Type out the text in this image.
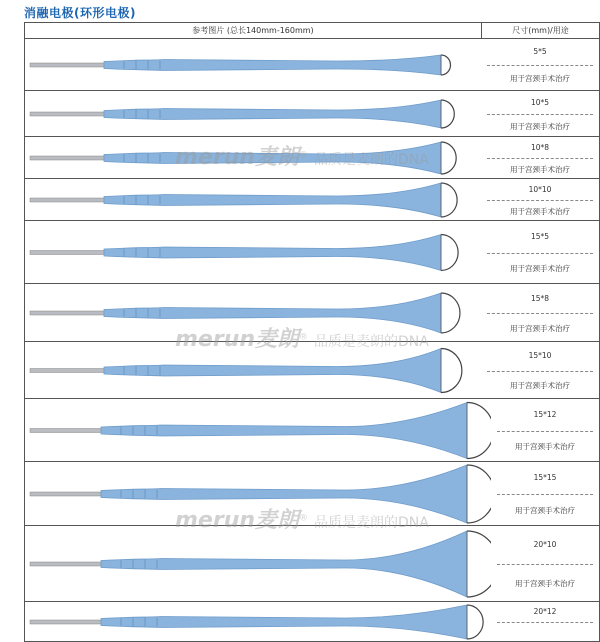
消融电极(环形电极)
参考图片 (总长140mm-160mm)	尺寸(mm)/用途
5*5
用于宫颈手术治疗
10*5
用于宫颈手术治疗
10*8
用于宫颈手术治疗
10*10
用于宫颈手术治疗
15*5
用于宫颈手术治疗
15*8
用于宫颈手术治疗
15*10
用于宫颈手术治疗
15*12
用于宫颈手术治疗
15*15
用于宫颈手术治疗
20*10
用于宫颈手术治疗
20*12
merun麦朗® 品质是麦朗的DNA
merun麦朗® 品质是麦朗的DNA
merun麦朗® 品质是麦朗的DNA
